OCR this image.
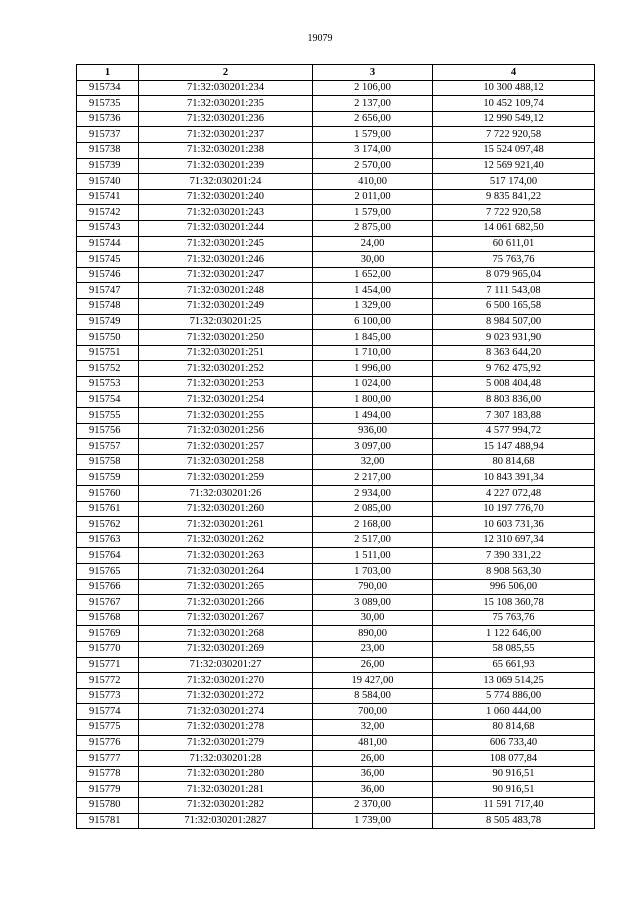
19079
1	2	3	4
915734	71:32:030201:234	2 106,00	10 300 488,12
915735	71:32:030201:235	2 137,00	10 452 109,74
915736	71:32:030201:236	2 656,00	12 990 549,12
915737	71:32:030201:237	1 579,00	7 722 920,58
915738	71:32:030201:238	3 174,00	15 524 097,48
915739	71:32:030201:239	2 570,00	12 569 921,40
915740	71:32:030201:24	410,00	517 174,00
915741	71:32:030201:240	2 011,00	9 835 841,22
915742	71:32:030201:243	1 579,00	7 722 920,58
915743	71:32:030201:244	2 875,00	14 061 682,50
915744	71:32:030201:245	24,00	60 611,01
915745	71:32:030201:246	30,00	75 763,76
915746	71:32:030201:247	1 652,00	8 079 965,04
915747	71:32:030201:248	1 454,00	7 111 543,08
915748	71:32:030201:249	1 329,00	6 500 165,58
915749	71:32:030201:25	6 100,00	8 984 507,00
915750	71:32:030201:250	1 845,00	9 023 931,90
915751	71:32:030201:251	1 710,00	8 363 644,20
915752	71:32:030201:252	1 996,00	9 762 475,92
915753	71:32:030201:253	1 024,00	5 008 404,48
915754	71:32:030201:254	1 800,00	8 803 836,00
915755	71:32:030201:255	1 494,00	7 307 183,88
915756	71:32:030201:256	936,00	4 577 994,72
915757	71:32:030201:257	3 097,00	15 147 488,94
915758	71:32:030201:258	32,00	80 814,68
915759	71:32:030201:259	2 217,00	10 843 391,34
915760	71:32:030201:26	2 934,00	4 227 072,48
915761	71:32:030201:260	2 085,00	10 197 776,70
915762	71:32:030201:261	2 168,00	10 603 731,36
915763	71:32:030201:262	2 517,00	12 310 697,34
915764	71:32:030201:263	1 511,00	7 390 331,22
915765	71:32:030201:264	1 703,00	8 908 563,30
915766	71:32:030201:265	790,00	996 506,00
915767	71:32:030201:266	3 089,00	15 108 360,78
915768	71:32:030201:267	30,00	75 763,76
915769	71:32:030201:268	890,00	1 122 646,00
915770	71:32:030201:269	23,00	58 085,55
915771	71:32:030201:27	26,00	65 661,93
915772	71:32:030201:270	19 427,00	13 069 514,25
915773	71:32:030201:272	8 584,00	5 774 886,00
915774	71:32:030201:274	700,00	1 060 444,00
915775	71:32:030201:278	32,00	80 814,68
915776	71:32:030201:279	481,00	606 733,40
915777	71:32:030201:28	26,00	108 077,84
915778	71:32:030201:280	36,00	90 916,51
915779	71:32:030201:281	36,00	90 916,51
915780	71:32:030201:282	2 370,00	11 591 717,40
915781	71:32:030201:2827	1 739,00	8 505 483,78
